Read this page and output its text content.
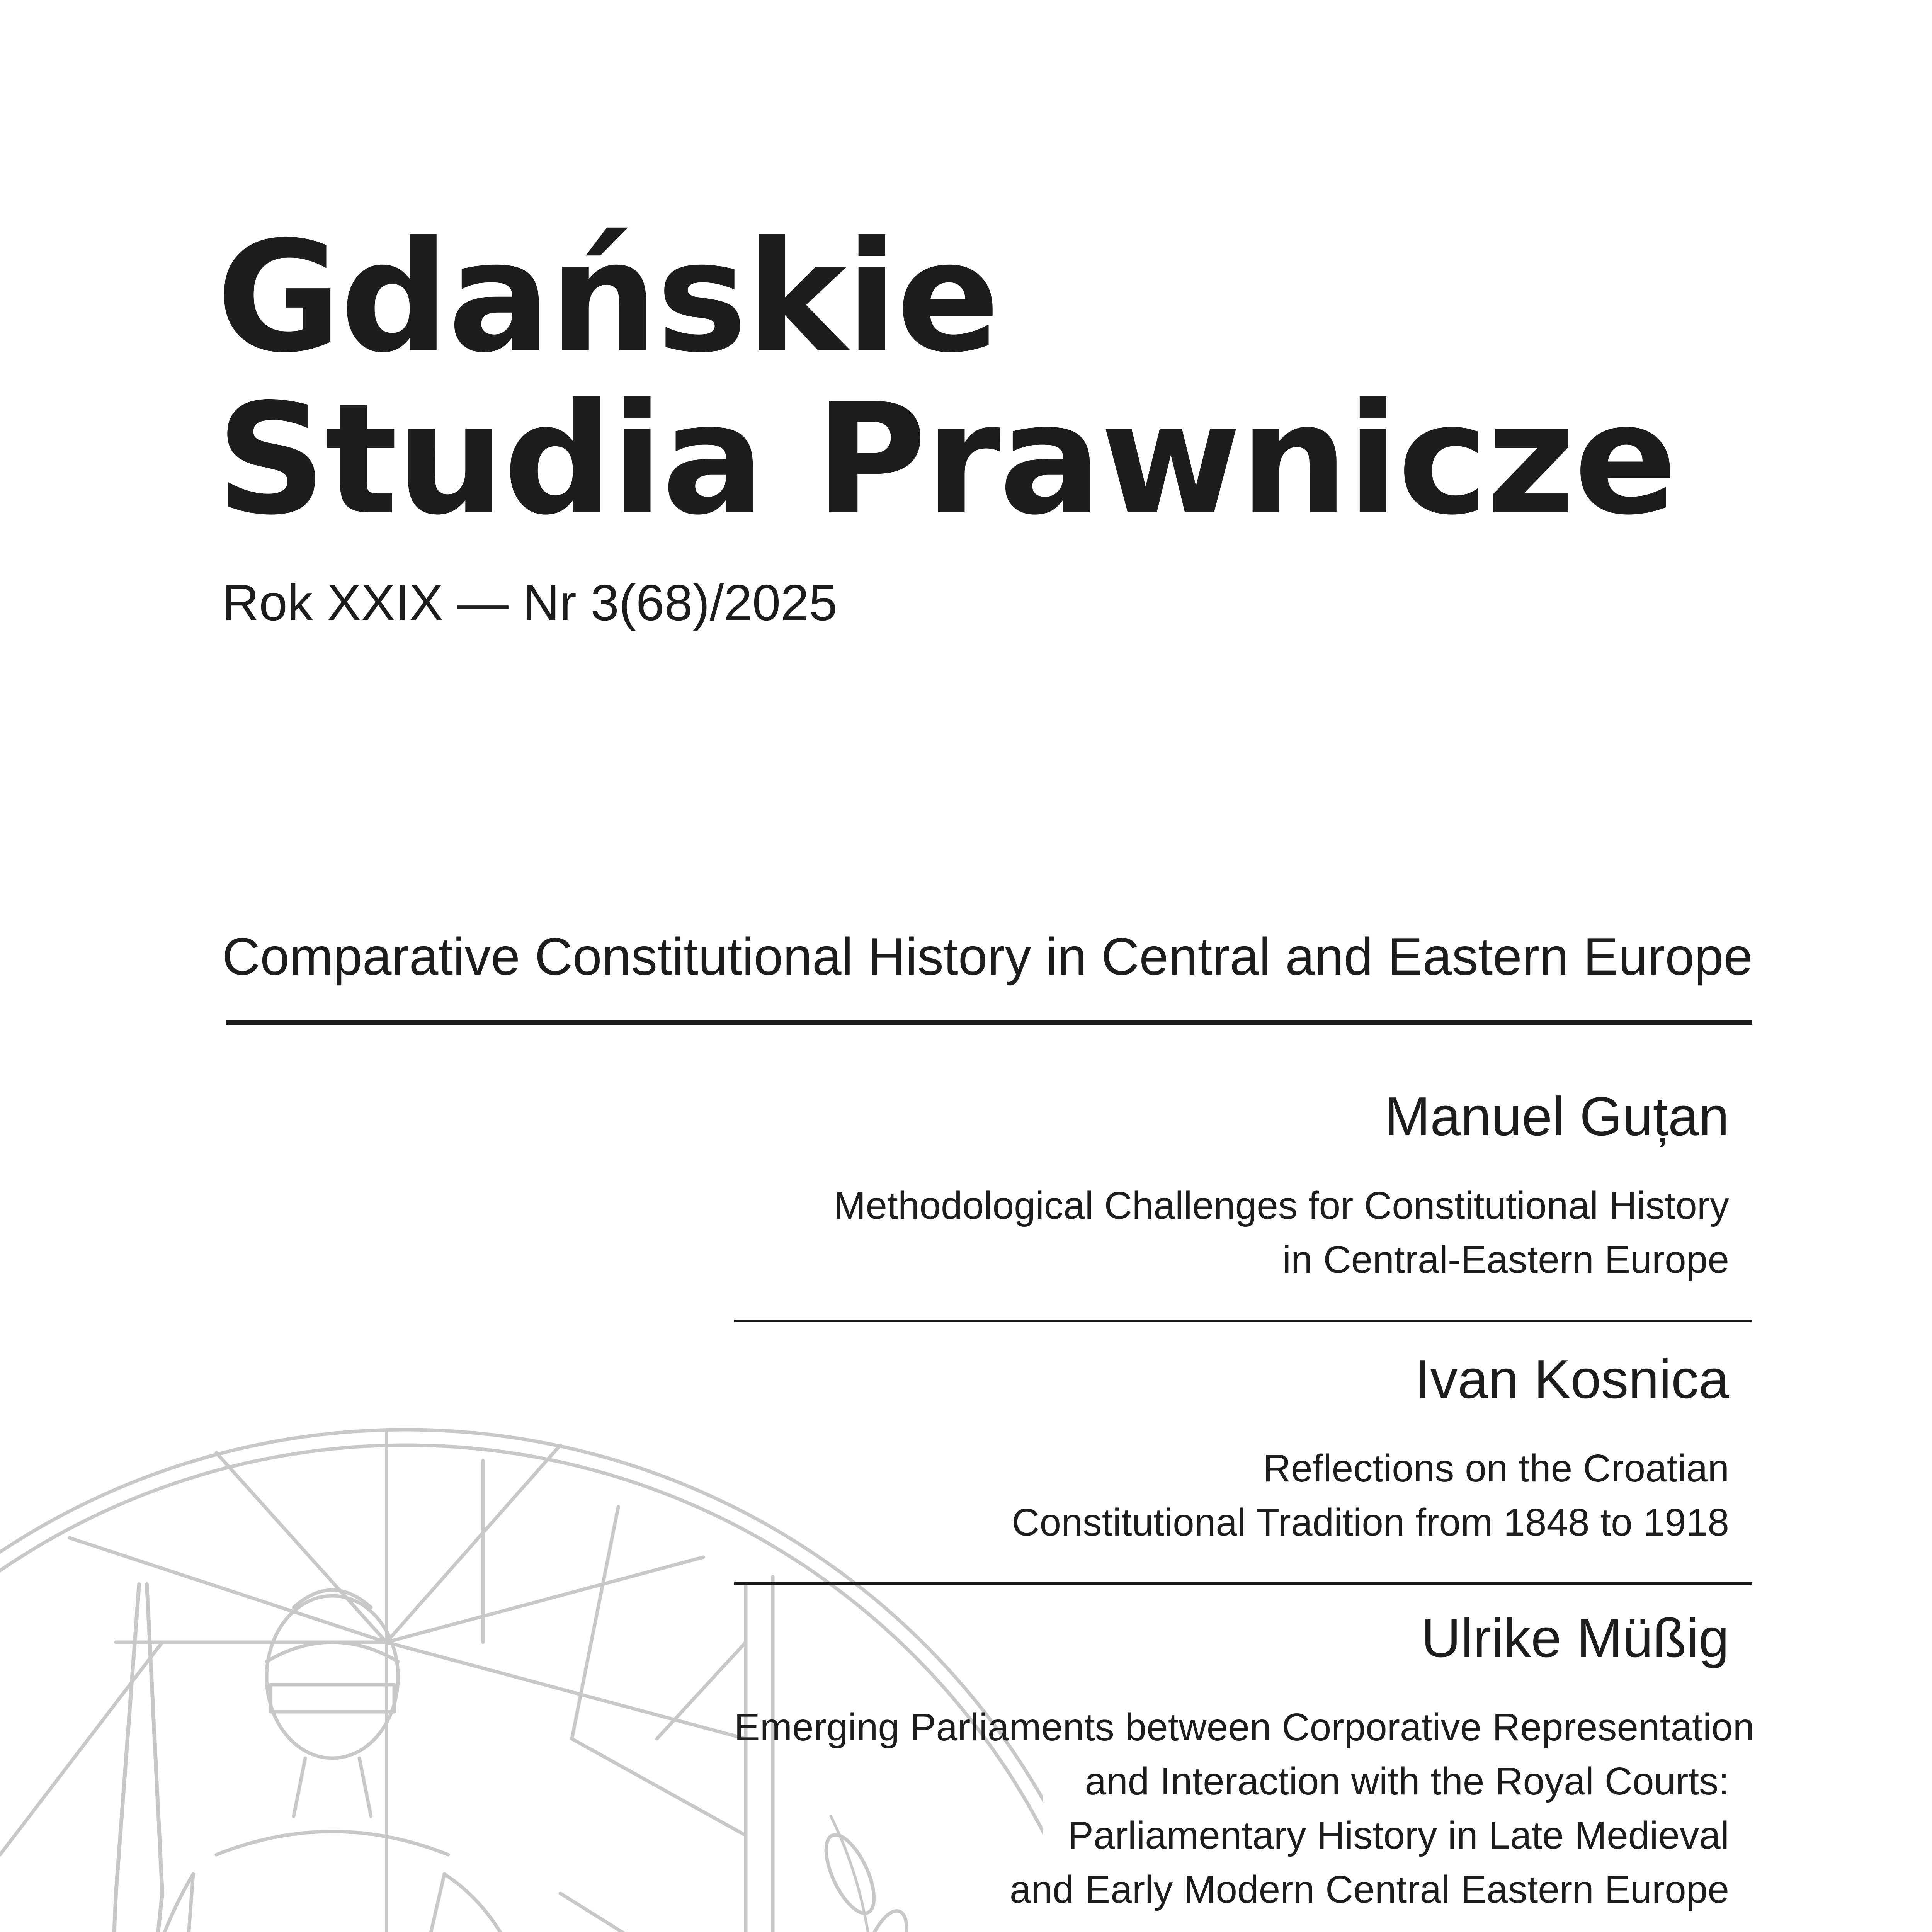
Gdańskie
Studia Prawnicze
Rok XXIX — Nr 3(68)/2025
Comparative Constitutional History in Central and Eastern Europe
Manuel Guțan
Methodological Challenges for Constitutional History
in Central-Eastern Europe
Ivan Kosnica
Reflections on the Croatian
Constitutional Tradition from 1848 to 1918
Ulrike Müßig
Emerging Parliaments between Corporative Representation
and Interaction with the Royal Courts:
Parliamentary History in Late Medieval
and Early Modern Central Eastern Europe
